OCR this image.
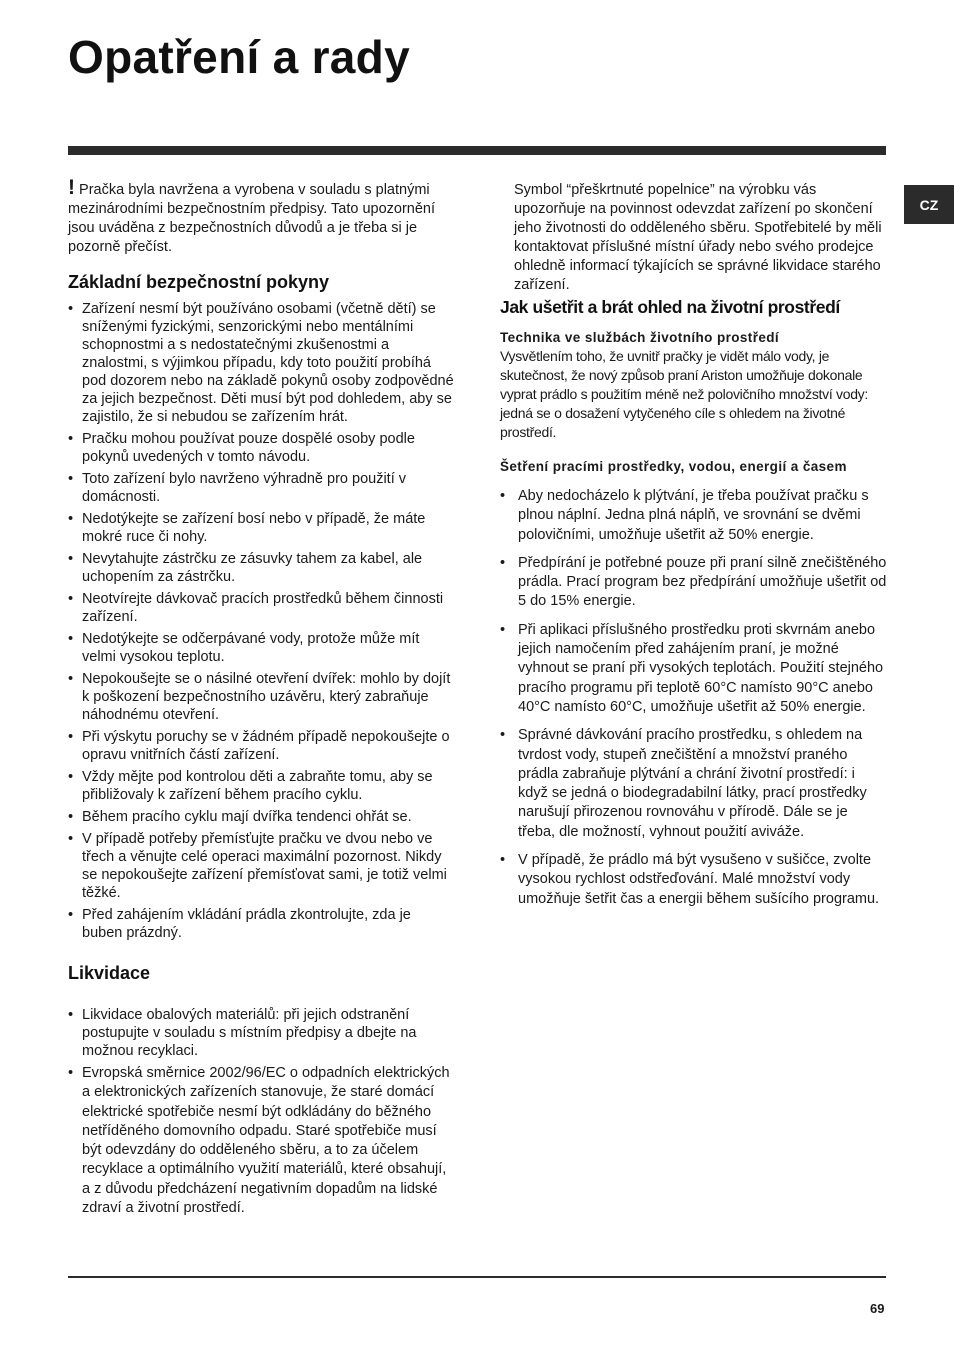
Opatření a rady
CZ

! Pračka byla navržena a vyrobena v souladu s platnými mezinárodními bezpečnostním předpisy. Tato upozornění jsou uváděna z bezpečnostních důvodů a je třeba si je pozorně přečíst.

Základní bezpečnostní pokyny
• Zařízení nesmí být používáno osobami (včetně dětí) se sníženými fyzickými, senzorickými nebo mentálními schopnostmi a s nedostatečnými zkušenostmi a znalostmi, s výjimkou případu, kdy toto použití probíhá pod dozorem nebo na základě pokynů osoby zodpovědné za jejich bezpečnost. Děti musí být pod dohledem, aby se zajistilo, že si nebudou se zařízením hrát.
• Pračku mohou používat pouze dospělé osoby podle pokynů uvedených v tomto návodu.
• Toto zařízení bylo navrženo výhradně pro použití v domácnosti.
• Nedotýkejte se zařízení bosí nebo v případě, že máte mokré ruce či nohy.
• Nevytahujte zástrčku ze zásuvky tahem za kabel, ale uchopením za zástrčku.
• Neotvírejte dávkovač pracích prostředků během činnosti zařízení.
• Nedotýkejte se odčerpávané vody, protože může mít velmi vysokou teplotu.
• Nepokoušejte se o násilné otevření dvířek: mohlo by dojít k poškození bezpečnostního uzávěru, který zabraňuje náhodnému otevření.
• Při výskytu poruchy se v žádném případě nepokoušejte o opravu vnitřních částí zařízení.
• Vždy mějte pod kontrolou děti a zabraňte tomu, aby se přibližovaly k zařízení během pracího cyklu.
• Během pracího cyklu mají dvířka tendenci ohřát se.
• V případě potřeby přemísťujte pračku ve dvou nebo ve třech a věnujte celé operaci maximální pozornost. Nikdy se nepokoušejte zařízení přemísťovat sami, je totiž velmi těžké.
• Před zahájením vkládání prádla zkontrolujte, zda je buben prázdný.
Likvidace
• Likvidace obalových materiálů: při jejich odstranění postupujte v souladu s místním předpisy a dbejte na možnou recyklaci.
• Evropská směrnice 2002/96/EC o odpadních elektrických a elektronických zařízeních stanovuje, že staré domácí elektrické spotřebiče nesmí být odkládány do běžného netříděného domovního odpadu. Staré spotřebiče musí být odevzdány do odděleného sběru, a to za účelem recyklace a optimálního využití materiálů, které obsahují, a z důvodu předcházení negativním dopadům na lidské zdraví a životní prostředí.

Symbol “přeškrtnuté popelnice” na výrobku vás upozorňuje na povinnost odevzdat zařízení po skončení jeho životnosti do odděleného sběru. Spotřebitelé by měli kontaktovat příslušné místní úřady nebo svého prodejce ohledně informací týkajících se správné likvidace starého zařízení.

Jak ušetřit a brát ohled na životní prostředí

Technika ve službách životního prostředí

Vysvětlením toho, že uvnitř pračky je vidět málo vody, je skutečnost, že nový způsob praní Ariston umožňuje dokonale vyprat prádlo s použitím méně než polovičního množství vody: jedná se o dosažení vytyčeného cíle s ohledem na životné prostředí.

Šetření pracími prostředky, vodou, energií a časem

• Aby nedocházelo k plýtvání, je třeba používat pračku s plnou náplní. Jedna plná náplň, ve srovnání se dvěmi polovičními, umožňuje ušetřit až 50% energie.
• Předpírání je potřebné pouze při praní silně znečištěného prádla. Prací program bez předpírání umožňuje ušetřit od 5 do 15% energie.
• Při aplikaci příslušného prostředku proti skvrnám anebo jejich namočením před zahájením praní, je možné vyhnout se praní při vysokých teplotách. Použití stejného pracího programu při teplotě 60°C namísto 90°C anebo 40°C namísto 60°C, umožňuje ušetřit až 50% energie.
• Správné dávkování pracího prostředku, s ohledem na tvrdost vody, stupeň znečištění a množství praného prádla zabraňuje plýtvání a chrání životní prostředí: i když se jedná o biodegradabilní látky, prací prostředky narušují přirozenou rovnováhu v přírodě. Dále se je třeba, dle možností, vyhnout použití aviváže.
• V případě, že prádlo má být vysušeno v sušičce, zvolte vysokou rychlost odstřeďování. Malé množství vody umožňuje šetřit čas a energii během sušícího programu.
69
